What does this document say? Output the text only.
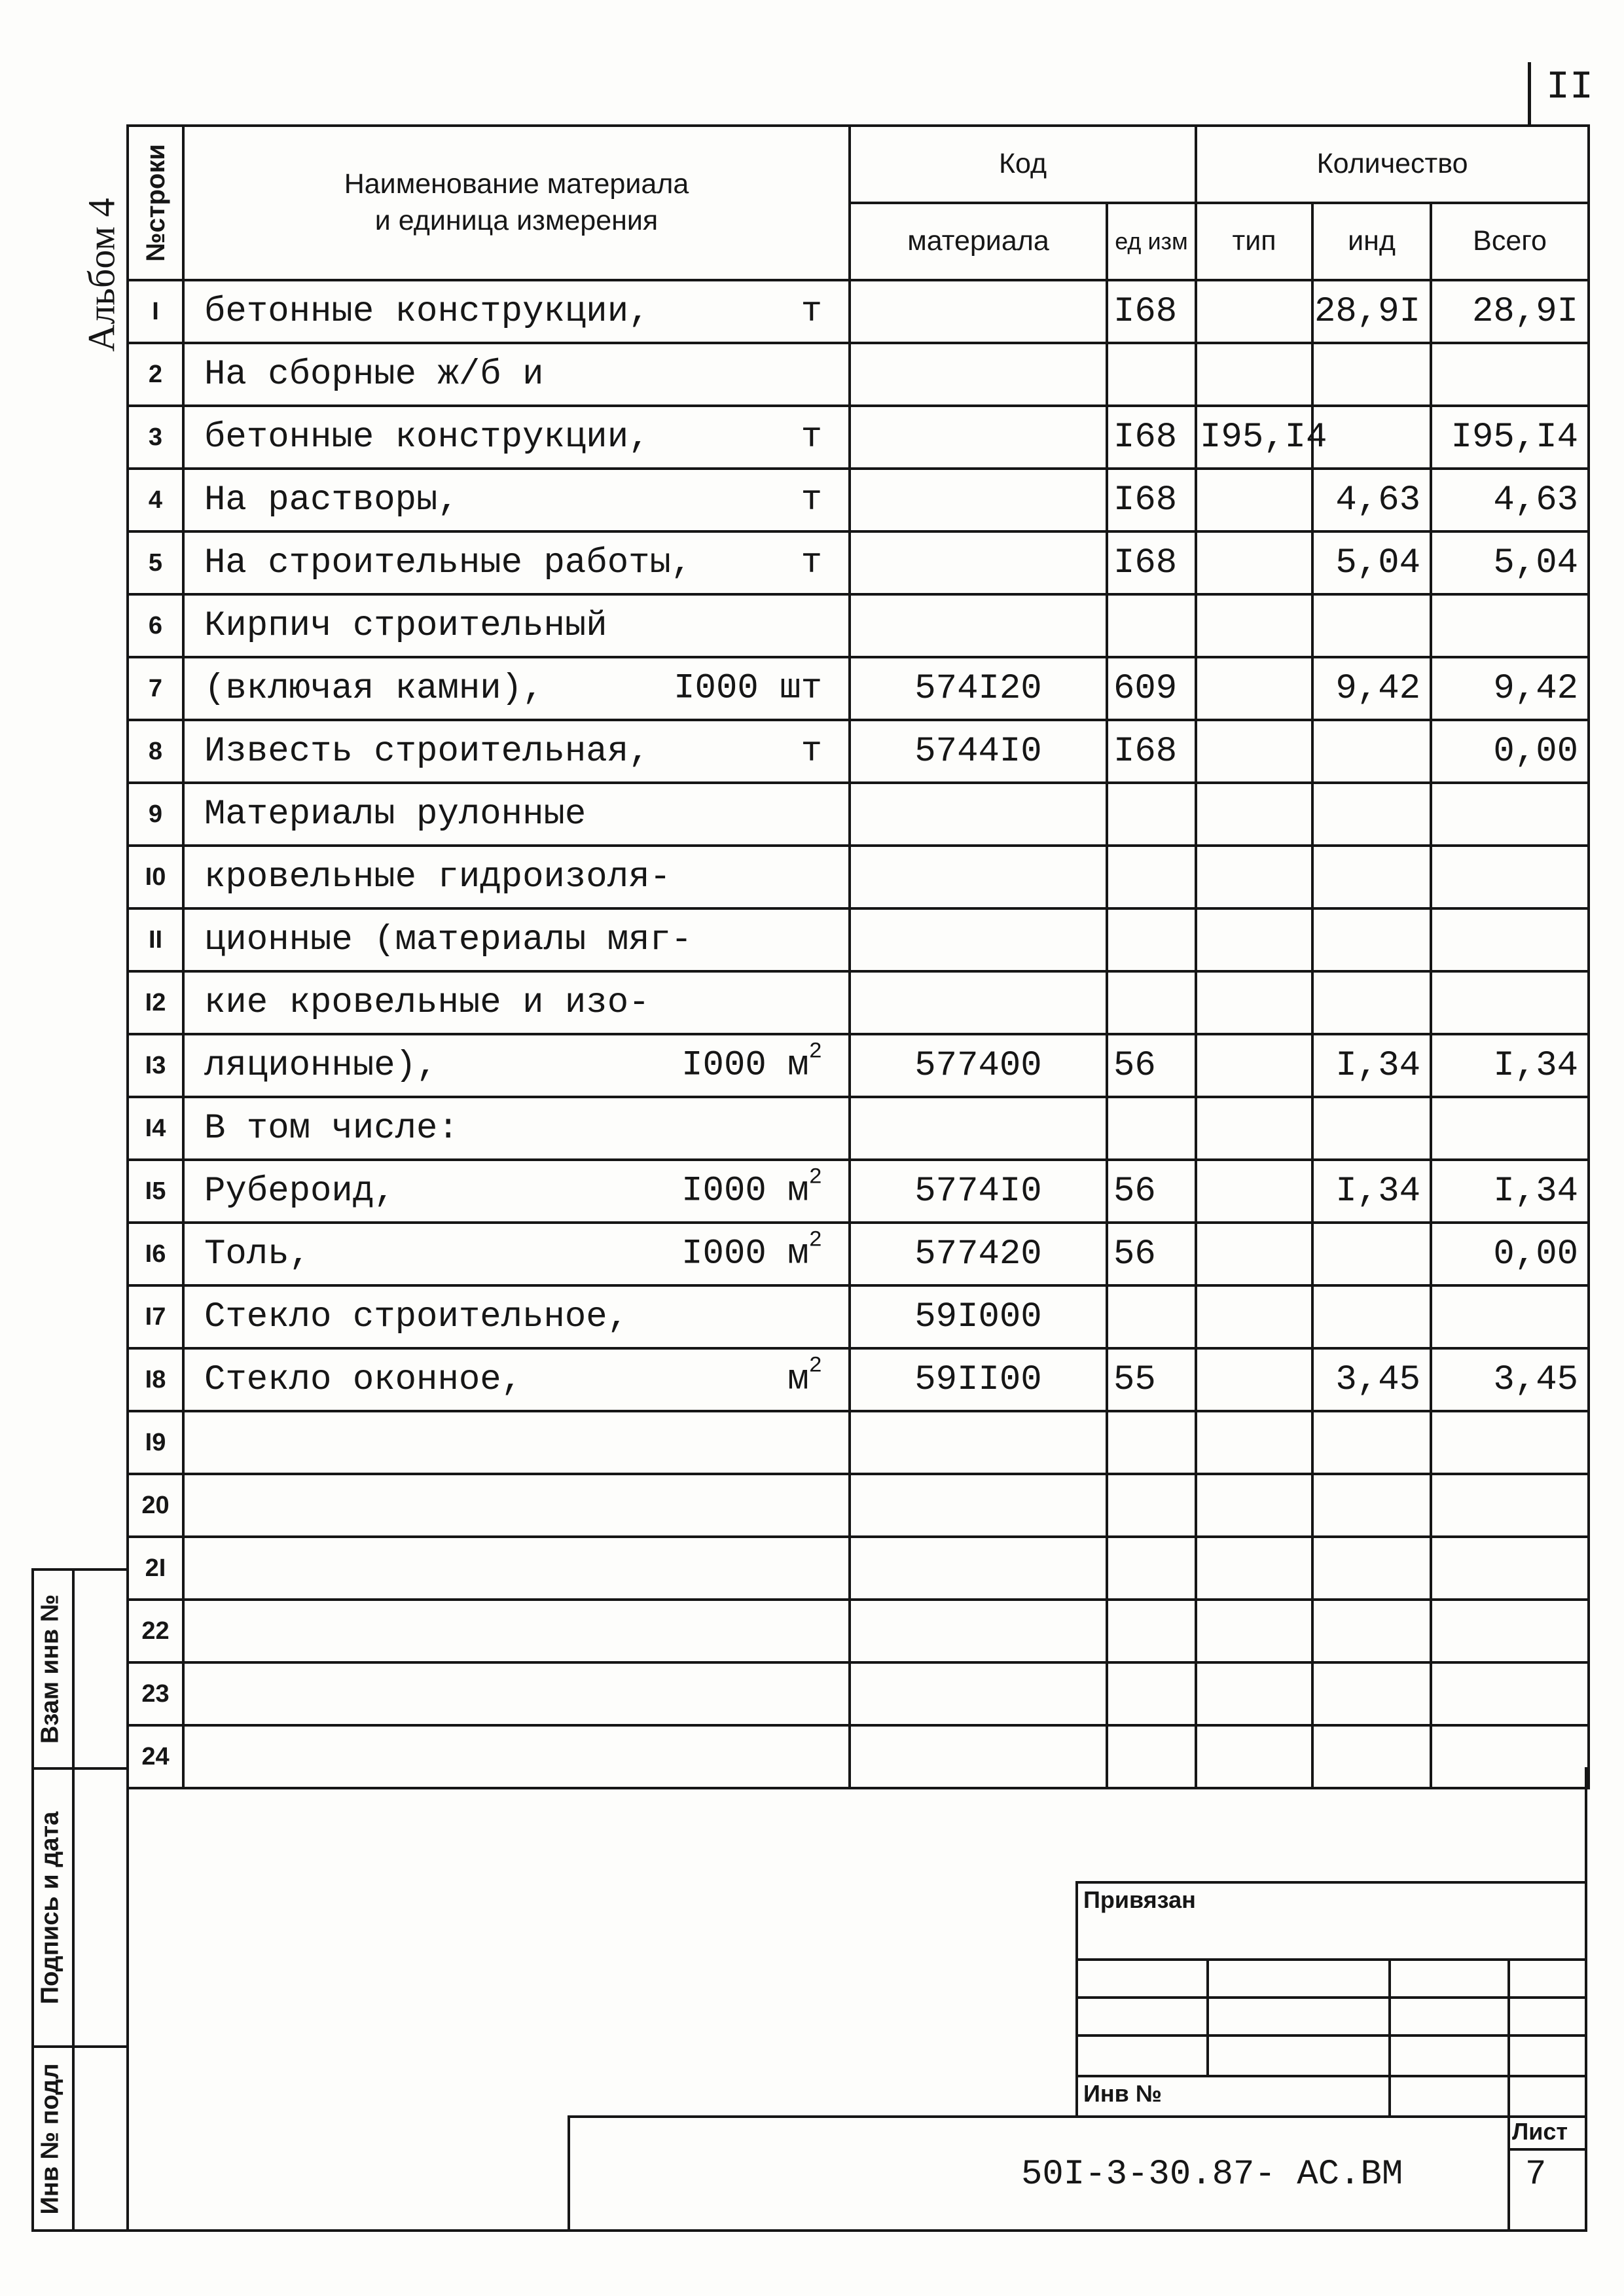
II
Альбом 4 №строки	Наименование материала
и единица измерения	Код		Количество		
		материала	ед изм	тип	инд	Всего
I	бетонные конструкции, т		I68		28,9I	28,9I
2	На сборные ж/б и

3	бетонные конструкции, т		I68	I95,I4		I95,I4
4	На растворы, т		I68		4,63	4,63
5	На строительные работы, т		I68		5,04	5,04
6	Кирпич строительный

7	(включая камни), I000 шт	574I20	609		9,42	9,42
8	Известь строительная, т	5744I0	I68			0,00
9	Материалы рулонные

I0	кровельные гидроизоля-

II	ционные (материалы мяг-

I2	кие кровельные и изо-

I3	ляционные), I000 $м^2$	577400	56		I,34	I,34
I4	В том числе:

I5	Рубероид, I000 $м^2$	5774I0	56		I,34	I,34
I6	Толь, I000 $м^2$	577420	56			0,00
I7	Стекло строительное,	59I000				
I8	Стекло оконное, $м^2$	59II00	55		3,45	3,45
I9	

20	

2I	

22	

23	

24	

Взам инв №
Подпись и дата
Инв № подл
Привязан
Инв №
Лист
7
50I-3-30.87- АС.ВМ
